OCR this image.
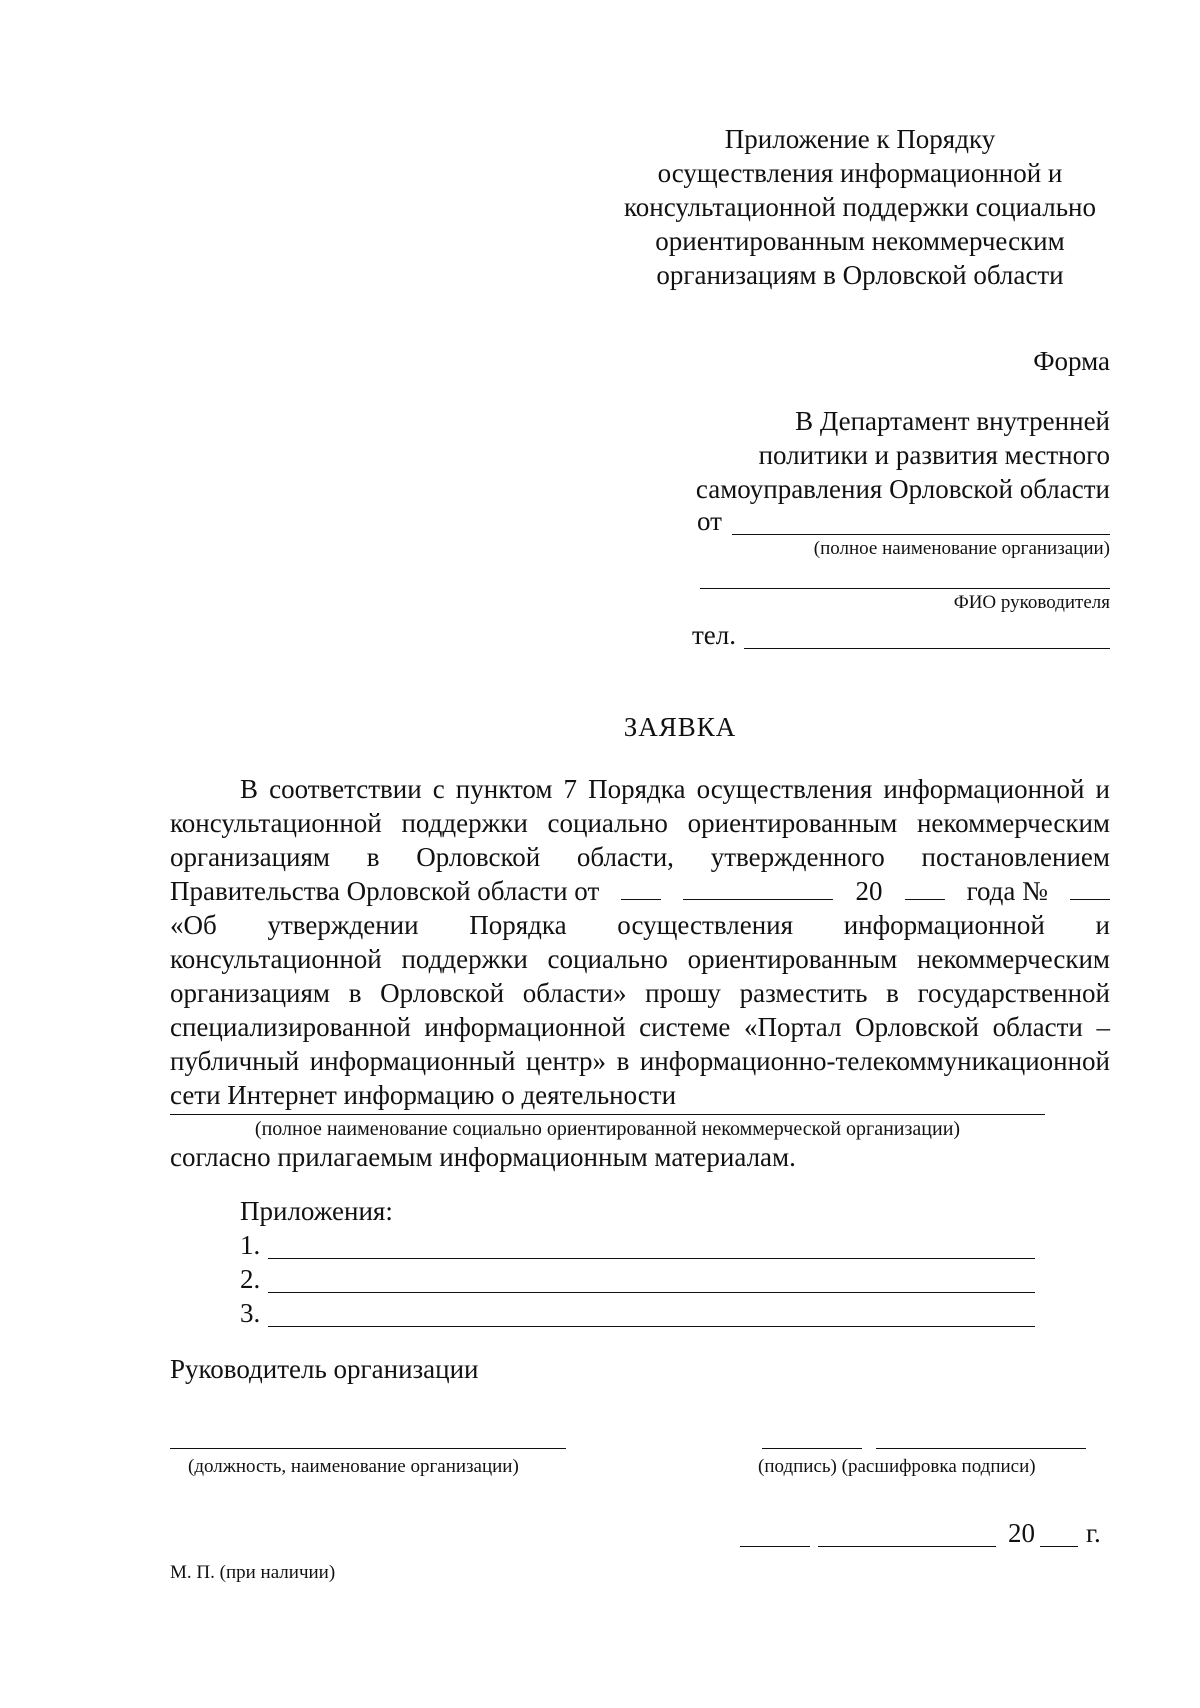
Приложение к Порядку
осуществления информационной и
консультационной поддержки социально
ориентированным некоммерческим
организациям в Орловской области
Форма
В Департамент внутренней
политики и развития местного
самоуправления Орловской области
от
(полное наименование организации)
ФИО руководителя
тел.
ЗАЯВКА
В соответствии с пунктом 7 Порядка осуществления информационной и
консультационной поддержки социально ориентированным некоммерческим
организациям в Орловской области, утвержденного постановлением
Правительства Орловской области от	20	года №
«Об утверждении Порядка осуществления информационной и
консультационной поддержки социально ориентированным некоммерческим
организациям в Орловской области» прошу разместить в государственной
специализированной информационной системе «Портал Орловской области –
публичный информационный центр» в информационно-телекоммуникационной
сети Интернет информацию о деятельности
(полное наименование социально ориентированной некоммерческой организации)
согласно прилагаемым информационным материалам.
Приложения:
1.
2.
3.
Руководитель организации
(должность, наименование организации)	(подпись) (расшифровка подписи)
20 г.
М. П. (при наличии)
